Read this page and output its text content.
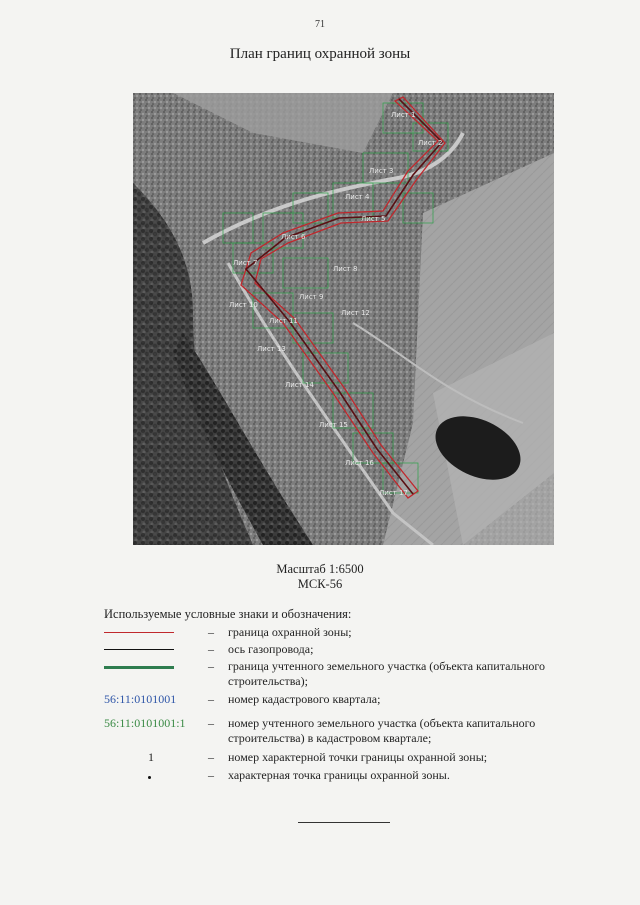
71
План границ охранной зоны
Лист 1
Лист 2
Лист 3
Лист 4
Лист 5
Лист 6
Лист 7
Лист 8
Лист 9
Лист 10
Лист 11
Лист 12
Лист 13
Лист 14
Лист 15
Лист 16
Лист 17
Масштаб 1:6500
МСК-56
Используемые условные знаки и обозначения:
– граница охранной зоны;
– ось газопровода;
– граница учтенного земельного участка (объекта капитального строительства);
56:11:0101001	– номер кадастрового квартала;
56:11:0101001:1	– номер учтенного земельного участка (объекта капитального строительства) в кадастровом квартале;
1	– номер характерной точки границы охранной зоны;
– характерная точка границы охранной зоны.
